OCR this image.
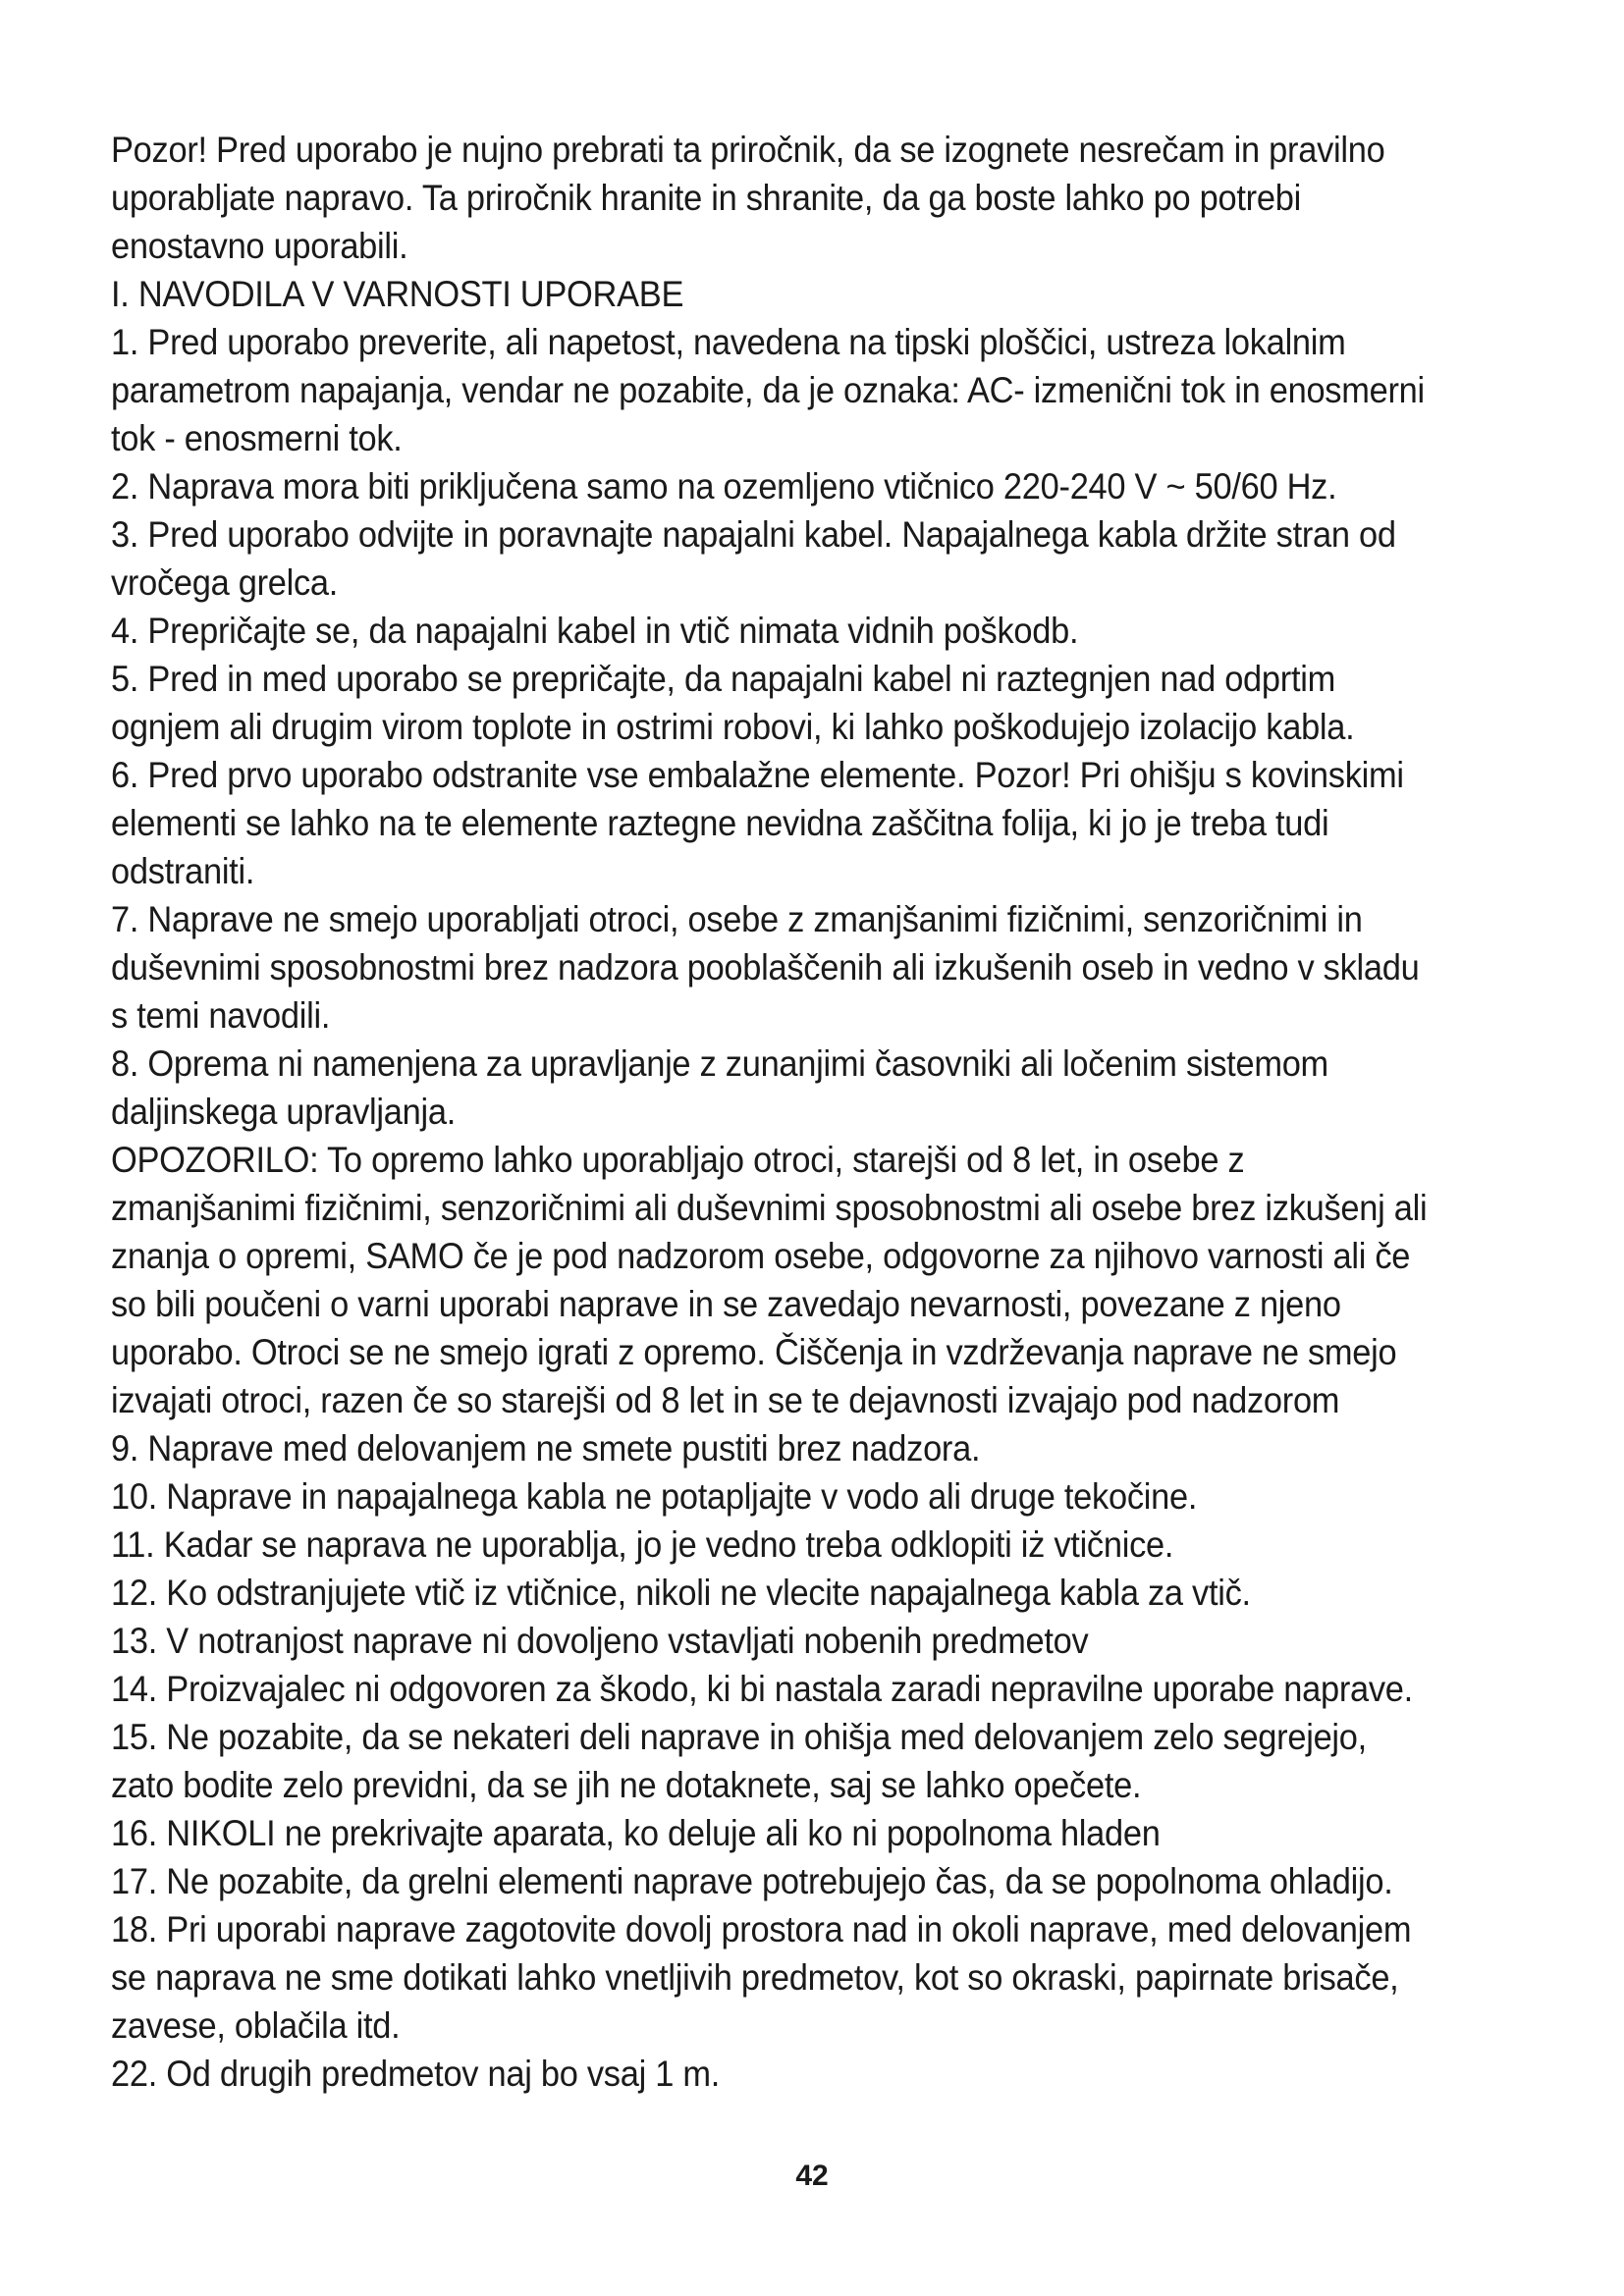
Pozor! Pred uporabo je nujno prebrati ta priročnik, da se izognete nesrečam in pravilno uporabljate napravo. Ta priročnik hranite in shranite, da ga boste lahko po potrebi enostavno uporabili.

I. NAVODILA V VARNOSTI UPORABE

1. Pred uporabo preverite, ali napetost, navedena na tipski ploščici, ustreza lokalnim parametrom napajanja, vendar ne pozabite, da je oznaka: AC- izmenični tok in enosmerni tok - enosmerni tok.

2. Naprava mora biti priključena samo na ozemljeno vtičnico 220-240 V ~ 50/60 Hz.

3. Pred uporabo odvijte in poravnajte napajalni kabel. Napajalnega kabla držite stran od vročega grelca.

4. Prepričajte se, da napajalni kabel in vtič nimata vidnih poškodb.

5. Pred in med uporabo se prepričajte, da napajalni kabel ni raztegnjen nad odprtim ognjem ali drugim virom toplote in ostrimi robovi, ki lahko poškodujejo izolacijo kabla.

6. Pred prvo uporabo odstranite vse embalažne elemente. Pozor! Pri ohišju s kovinskimi elementi se lahko na te elemente raztegne nevidna zaščitna folija, ki jo je treba tudi odstraniti.

7. Naprave ne smejo uporabljati otroci, osebe z zmanjšanimi fizičnimi, senzoričnimi in duševnimi sposobnostmi brez nadzora pooblaščenih ali izkušenih oseb in vedno v skladu s temi navodili.

8. Oprema ni namenjena za upravljanje z zunanjimi časovniki ali ločenim sistemom daljinskega upravljanja.

OPOZORILO: To opremo lahko uporabljajo otroci, starejši od 8 let, in osebe z zmanjšanimi fizičnimi, senzoričnimi ali duševnimi sposobnostmi ali osebe brez izkušenj ali znanja o opremi, SAMO če je pod nadzorom osebe, odgovorne za njihovo varnosti ali če so bili poučeni o varni uporabi naprave in se zavedajo nevarnosti, povezane z njeno uporabo. Otroci se ne smejo igrati z opremo. Čiščenja in vzdrževanja naprave ne smejo izvajati otroci, razen če so starejši od 8 let in se te dejavnosti izvajajo pod nadzorom

9. Naprave med delovanjem ne smete pustiti brez nadzora.

10. Naprave in napajalnega kabla ne potapljajte v vodo ali druge tekočine.

11. Kadar se naprava ne uporablja, jo je vedno treba odklopiti iż vtičnice.

12. Ko odstranjujete vtič iz vtičnice, nikoli ne vlecite napajalnega kabla za vtič.

13. V notranjost naprave ni dovoljeno vstavljati nobenih predmetov

14. Proizvajalec ni odgovoren za škodo, ki bi nastala zaradi nepravilne uporabe naprave.

15. Ne pozabite, da se nekateri deli naprave in ohišja med delovanjem zelo segrejejo, zato bodite zelo previdni, da se jih ne dotaknete, saj se lahko opečete.

16. NIKOLI ne prekrivajte aparata, ko deluje ali ko ni popolnoma hladen

17. Ne pozabite, da grelni elementi naprave potrebujejo čas, da se popolnoma ohladijo.

18. Pri uporabi naprave zagotovite dovolj prostora nad in okoli naprave, med delovanjem se naprava ne sme dotikati lahko vnetljivih predmetov, kot so okraski, papirnate brisače, zavese, oblačila itd.

22. Od drugih predmetov naj bo vsaj 1 m.

42
